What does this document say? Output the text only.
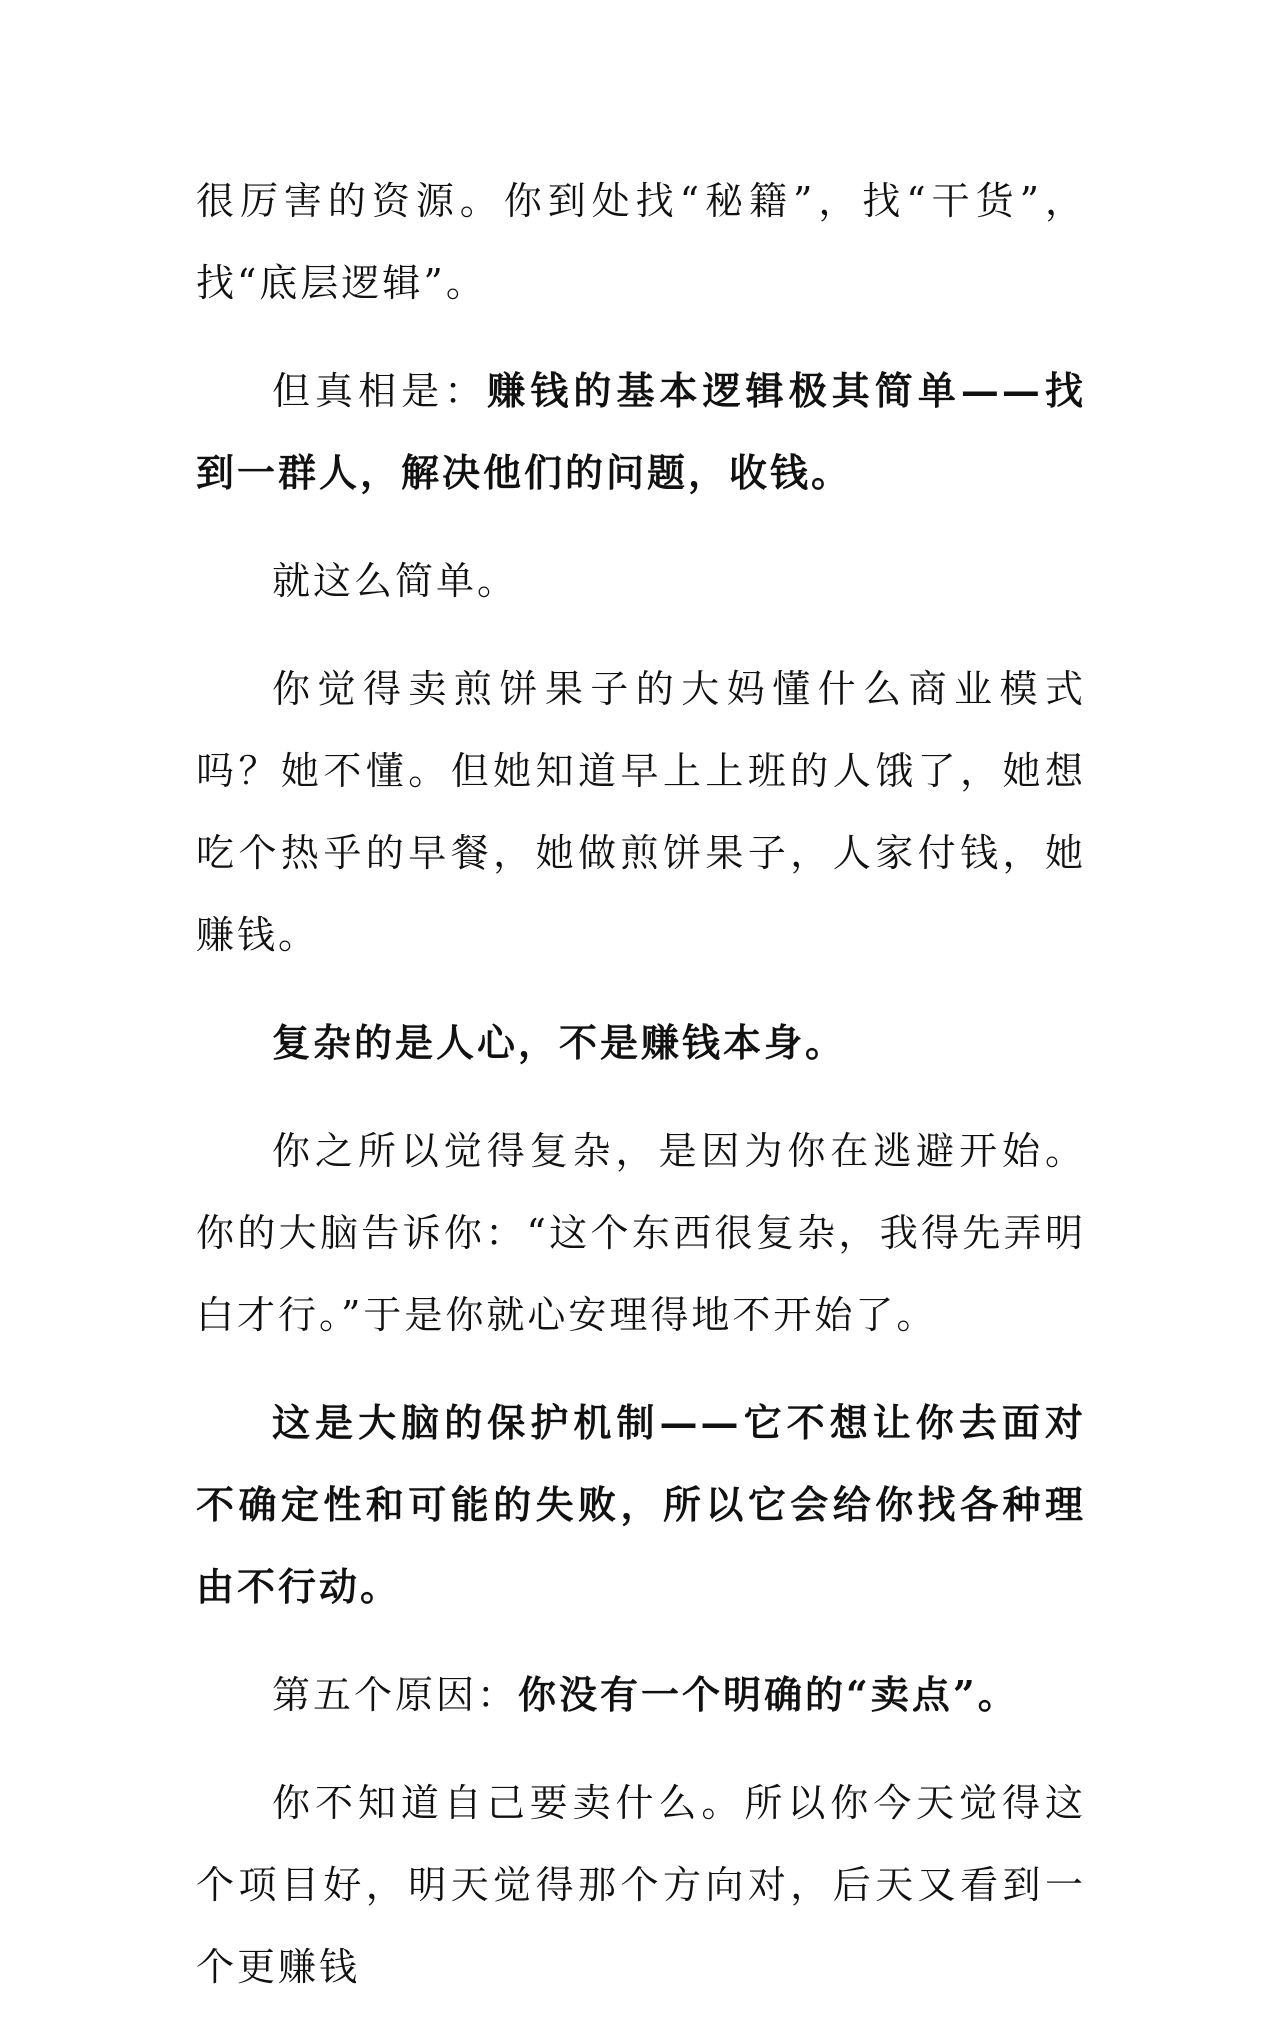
很厉害的资源。你到处找“秘籍”，找“干货”，找“底层逻辑”。

但真相是：赚钱的基本逻辑极其简单——找到一群人，解决他们的问题，收钱。

就这么简单。

你觉得卖煎饼果子的大妈懂什么商业模式吗？她不懂。但她知道早上上班的人饿了，她想吃个热乎的早餐，她做煎饼果子，人家付钱，她赚钱。

复杂的是人心，不是赚钱本身。

你之所以觉得复杂，是因为你在逃避开始。你的大脑告诉你：“这个东西很复杂，我得先弄明白才行。”于是你就心安理得地不开始了。

这是大脑的保护机制——它不想让你去面对不确定性和可能的失败，所以它会给你找各种理由不行动。

第五个原因：你没有一个明确的“卖点”。

你不知道自己要卖什么。所以你今天觉得这个项目好，明天觉得那个方向对，后天又看到一个更赚钱
